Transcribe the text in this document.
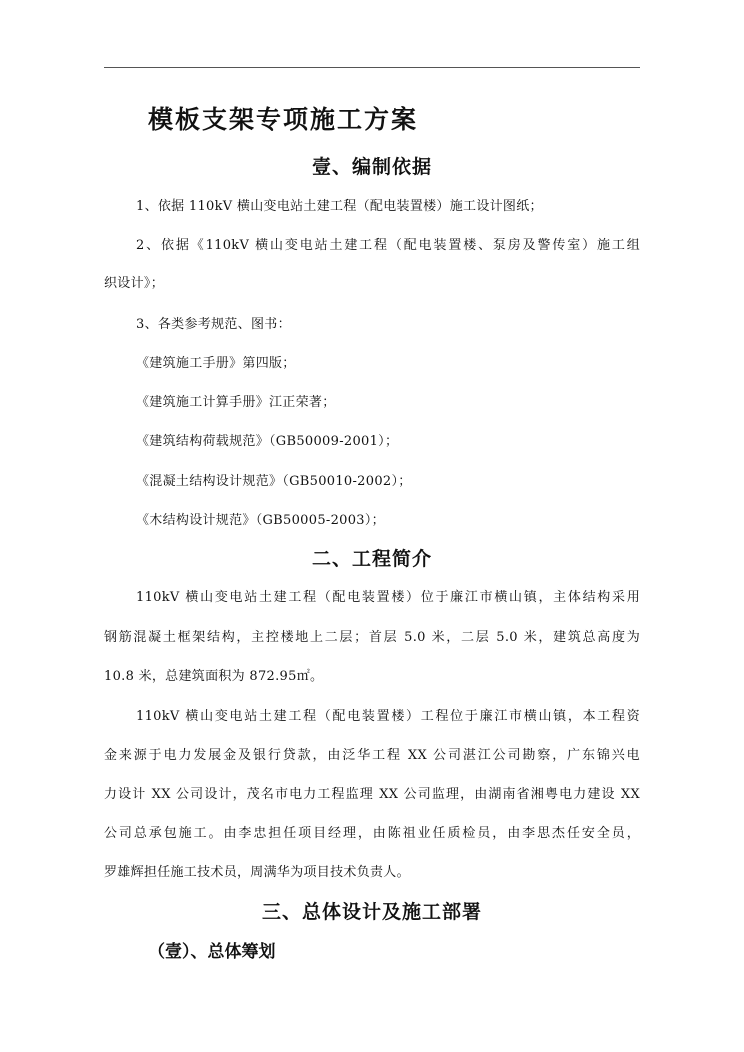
模板支架专项施工方案
壹、编制依据
1、依据 110kV 横山变电站土建工程（配电装置楼）施工设计图纸；
2、依据《110kV 横山变电站土建工程（配电装置楼、泵房及警传室）施工组
织设计》；
3、各类参考规范、图书：
《建筑施工手册》第四版；
《建筑施工计算手册》江正荣著；
《建筑结构荷载规范》（GB50009-2001）；
《混凝土结构设计规范》（GB50010-2002）；
《木结构设计规范》（GB50005-2003）；
二、工程简介
110kV 横山变电站土建工程（配电装置楼）位于廉江市横山镇，主体结构采用
钢筋混凝土框架结构，主控楼地上二层；首层 5.0 米，二层 5.0 米，建筑总高度为
10.8 米，总建筑面积为 872.95㎡。
110kV 横山变电站土建工程（配电装置楼）工程位于廉江市横山镇，本工程资
金来源于电力发展金及银行贷款，由泛华工程 XX 公司湛江公司勘察，广东锦兴电
力设计 XX 公司设计，茂名市电力工程监理 XX 公司监理，由湖南省湘粤电力建设 XX
公司总承包施工。由李忠担任项目经理，由陈祖业任质检员，由李思杰任安全员，
罗雄辉担任施工技术员，周满华为项目技术负责人。
三、总体设计及施工部署
（壹）、总体筹划
